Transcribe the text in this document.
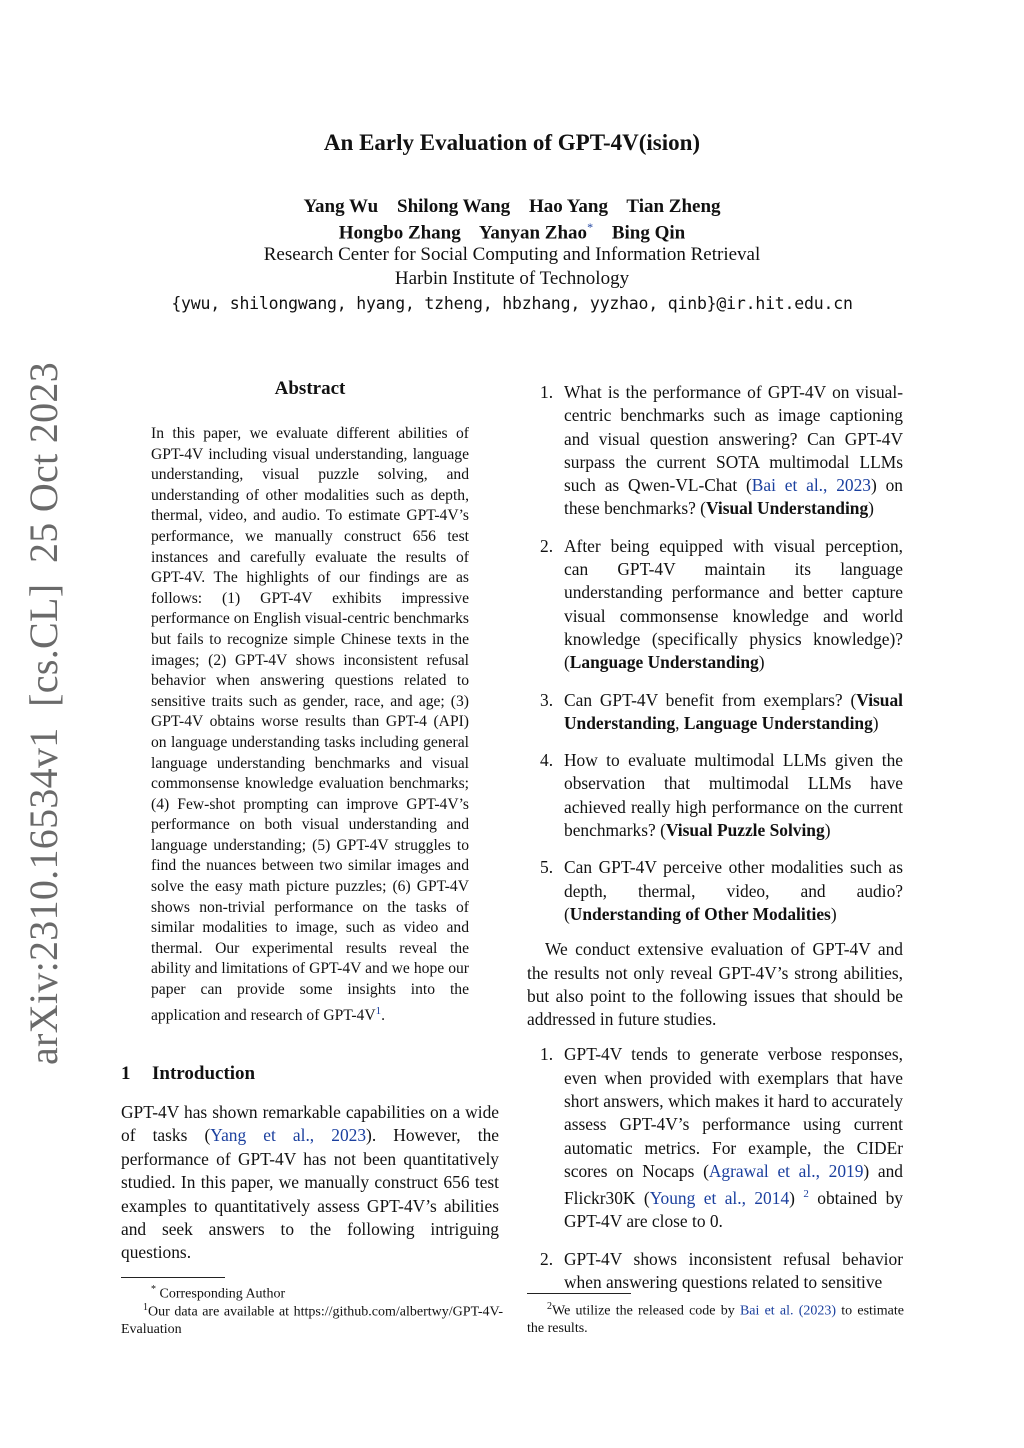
An Early Evaluation of GPT-4V(ision)
Yang Wu Shilong Wang Hao Yang Tian Zheng
Hongbo Zhang Yanyan Zhao* Bing Qin
Research Center for Social Computing and Information Retrieval
Harbin Institute of Technology
{ywu, shilongwang, hyang, tzheng, hbzhang, yyzhao, qinb}@ir.hit.edu.cn
arXiv:2310.16534v1  [cs.CL]  25 Oct 2023	Abstract
In this paper, we evaluate different abilities of GPT-4V including visual understanding, language understanding, visual puzzle solving, and understanding of other modalities such as depth, thermal, video, and audio. To estimate GPT-4V’s performance, we manually construct 656 test instances and carefully evaluate the results of GPT-4V. The highlights of our findings are as follows: (1) GPT-4V exhibits impressive performance on English visual-centric benchmarks but fails to recognize simple Chinese texts in the images; (2) GPT-4V shows inconsistent refusal behavior when answering questions related to sensitive traits such as gender, race, and age; (3) GPT-4V obtains worse results than GPT-4 (API) on language understanding tasks including general language understanding benchmarks and visual commonsense knowledge evaluation benchmarks; (4) Few-shot prompting can improve GPT-4V’s performance on both visual understanding and language understanding; (5) GPT-4V struggles to find the nuances between two similar images and solve the easy math picture puzzles; (6) GPT-4V shows non-trivial performance on the tasks of similar modalities to image, such as video and thermal. Our experimental results reveal the ability and limitations of GPT-4V and we hope our paper can provide some insights into the application and research of GPT-$4V^1$.
1 Introduction
GPT-4V has shown remarkable capabilities on a wide of tasks (Yang et al., 2023). However, the performance of GPT-4V has not been quantitatively studied. In this paper, we manually construct 656 test examples to quantitatively assess GPT-4V’s abilities and seek answers to the following intriguing questions.
* Corresponding Author
$^1$Our data are available at https://github.com/albertwy/GPT-4V-Evaluation
1. What is the performance of GPT-4V on visual-centric benchmarks such as image captioning and visual question answering? Can GPT-4V surpass the current SOTA multimodal LLMs such as Qwen-VL-Chat (Bai et al., 2023) on these benchmarks? (Visual Understanding)
2. After being equipped with visual perception, can GPT-4V maintain its language understanding performance and better capture visual commonsense knowledge and world knowledge (specifically physics knowledge)? (Language Understanding)
3. Can GPT-4V benefit from exemplars? (Visual Understanding, Language Understanding)
4. How to evaluate multimodal LLMs given the observation that multimodal LLMs have achieved really high performance on the current benchmarks? (Visual Puzzle Solving)
5. Can GPT-4V perceive other modalities such as depth, thermal, video, and audio? (Understanding of Other Modalities)

We conduct extensive evaluation of GPT-4V and the results not only reveal GPT-4V’s strong abilities, but also point to the following issues that should be addressed in future studies.

1. GPT-4V tends to generate verbose responses, even when provided with exemplars that have short answers, which makes it hard to accurately assess GPT-4V’s performance using current automatic metrics. For example, the CIDEr scores on Nocaps (Agrawal et al., 2019) and Flickr30K (Young et al., 2014) $^2$ obtained by GPT-4V are close to 0.
2. GPT-4V shows inconsistent refusal behavior when answering questions related to sensitive
$^2$We utilize the released code by Bai et al. (2023) to estimate the results.
